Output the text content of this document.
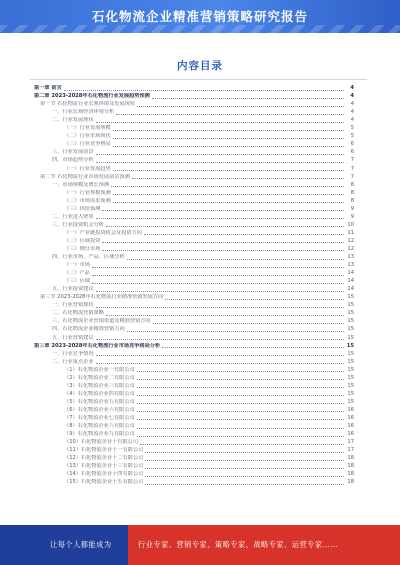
石化物流企业精准营销策略研究报告
内容目录
第一章 前言	4
第二章 2023-2028年石化物流行业发展趋势预测	4
第一节 石化物流行业宏观环境及发展现状	4
一、行业宏观经济环境分析	4
二、行业发展现状	4
（一）行业发展规模	5
（二）行业市场现状	5
（三）行业竞争格局	6
三、行业发展前景	6
四、市场趋势分析	7
（一）行业发展趋势	7
第二节 石化物流行业市场发展前景预测	7
一、市场规模及增长预测	8
（一）行业规模预测	8
（二）市场需求预测	8
（三）供给预测	9
二、行业进入壁垒	9
三、行业投资机会分析	10
（一）产业链投资机会及投资方向	11
（二）区域投资	12
（三）细分市场	12
四、行业市场、产品、区域分析	13
（一）市场	13
（二）产品	14
（三）区域	14
五、行业投资建议	14
第三节 2023-2028年石化物流行业精准营销发展方向	15
一、行业营销现状	15
二、石化物流营销策略	15
三、石化物流企业营销渠道及精准营销方向	15
四、石化物流企业精准营销方向	15
五、行业营销建议	15
第三章 2023-2028年石化物流行业市场竞争格局分析	15
一、行业竞争情况	15
二、行业重点企业	15
（1）石化物流企业一有限公司	15
（2）石化物流企业二有限公司	15
（3）石化物流企业三有限公司	15
（4）石化物流企业四有限公司	15
（5）石化物流企业五有限公司	15
（6）石化物流企业六有限公司	16
（7）石化物流企业七有限公司	16
（8）石化物流企业八有限公司	16
（9）石化物流企业九有限公司	16
（10）石化物流企业十有限公司	17
（11）石化物流企业十一有限公司	17
（12）石化物流企业十二有限公司	18
（13）石化物流企业十三有限公司	18
（14）石化物流企业十四有限公司	18
（15）石化物流企业十五有限公司	18
让每个人都能成为	行业专家、营销专家、策略专家、战略专家、运营专家……
